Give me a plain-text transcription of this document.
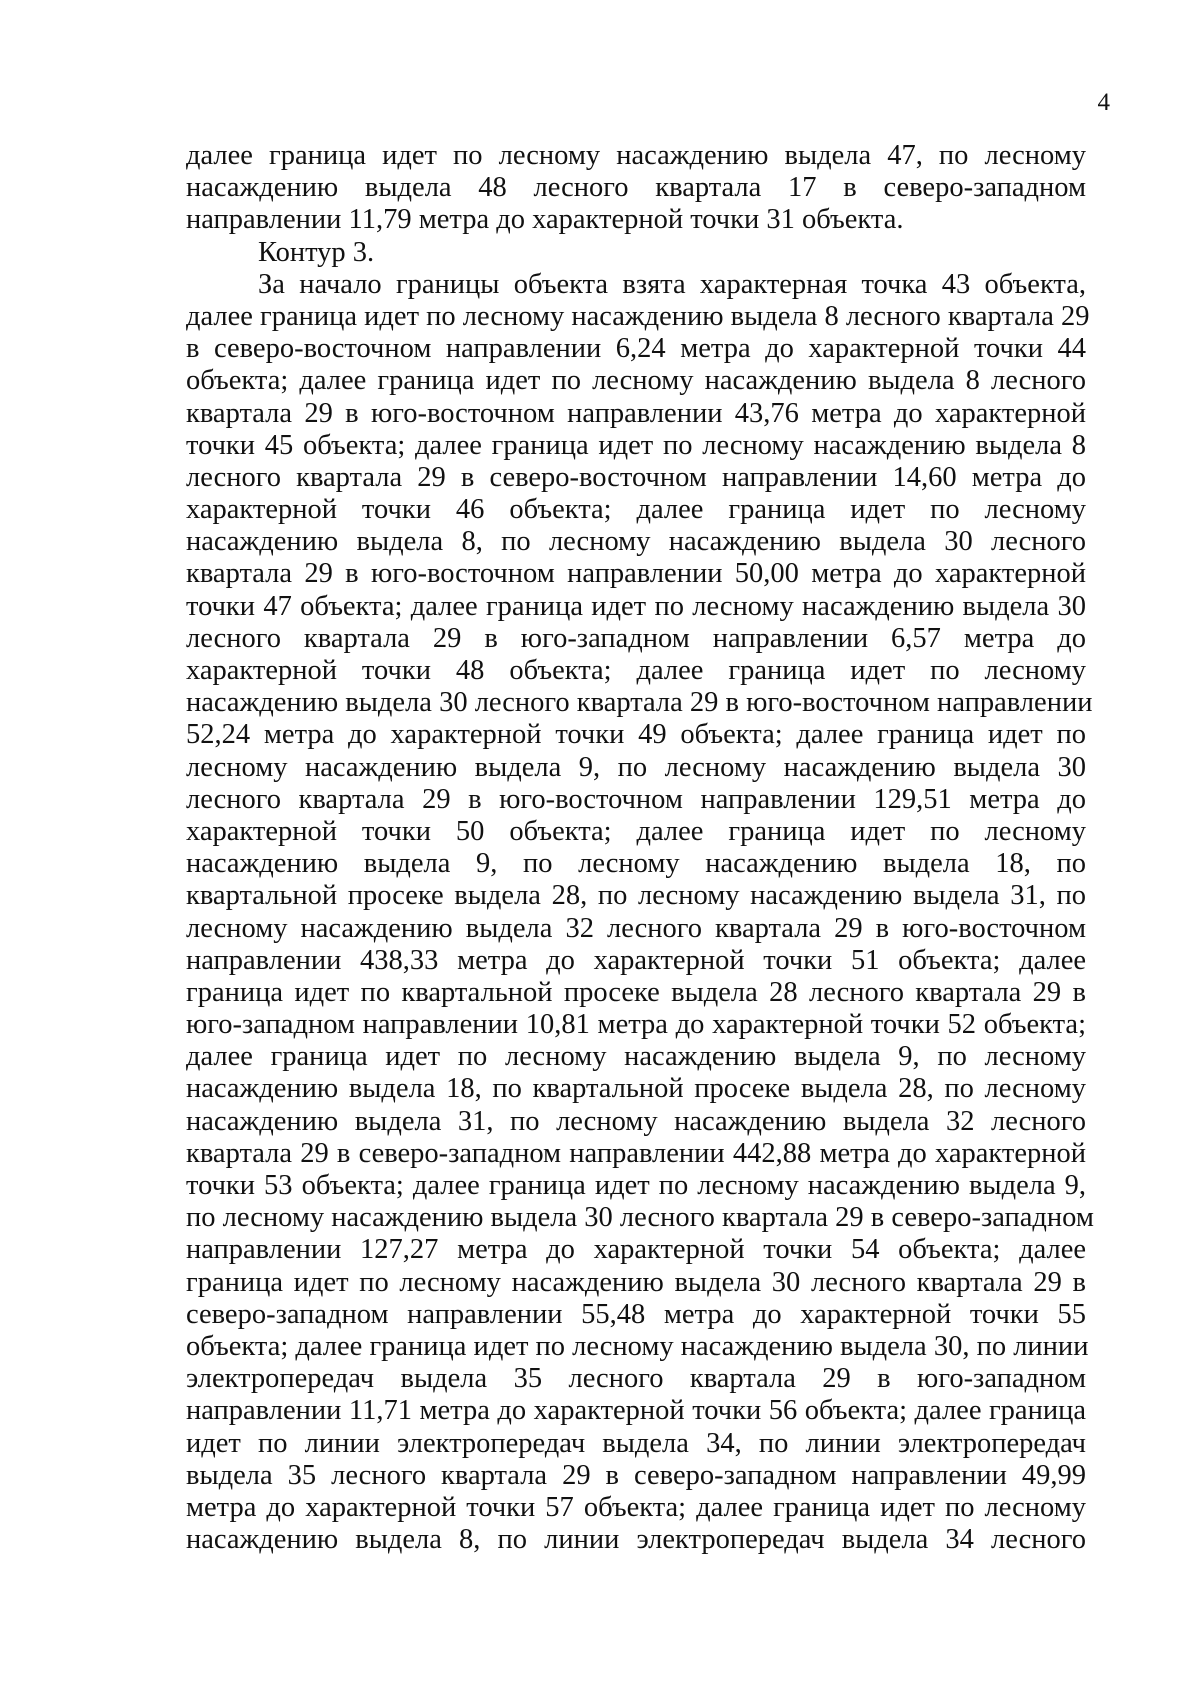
4
далее граница идет по лесному насаждению выдела 47, по лесному
насаждению выдела 48 лесного квартала 17 в северо-западном
направлении 11,79 метра до характерной точки 31 объекта.
Контур 3.
За начало границы объекта взята характерная точка 43 объекта,
далее граница идет по лесному насаждению выдела 8 лесного квартала 29
в северо-восточном направлении 6,24 метра до характерной точки 44
объекта; далее граница идет по лесному насаждению выдела 8 лесного
квартала 29 в юго-восточном направлении 43,76 метра до характерной
точки 45 объекта; далее граница идет по лесному насаждению выдела 8
лесного квартала 29 в северо-восточном направлении 14,60 метра до
характерной точки 46 объекта; далее граница идет по лесному
насаждению выдела 8, по лесному насаждению выдела 30 лесного
квартала 29 в юго-восточном направлении 50,00 метра до характерной
точки 47 объекта; далее граница идет по лесному насаждению выдела 30
лесного квартала 29 в юго-западном направлении 6,57 метра до
характерной точки 48 объекта; далее граница идет по лесному
насаждению выдела 30 лесного квартала 29 в юго-восточном направлении
52,24 метра до характерной точки 49 объекта; далее граница идет по
лесному насаждению выдела 9, по лесному насаждению выдела 30
лесного квартала 29 в юго-восточном направлении 129,51 метра до
характерной точки 50 объекта; далее граница идет по лесному
насаждению выдела 9, по лесному насаждению выдела 18, по
квартальной просеке выдела 28, по лесному насаждению выдела 31, по
лесному насаждению выдела 32 лесного квартала 29 в юго-восточном
направлении 438,33 метра до характерной точки 51 объекта; далее
граница идет по квартальной просеке выдела 28 лесного квартала 29 в
юго-западном направлении 10,81 метра до характерной точки 52 объекта;
далее граница идет по лесному насаждению выдела 9, по лесному
насаждению выдела 18, по квартальной просеке выдела 28, по лесному
насаждению выдела 31, по лесному насаждению выдела 32 лесного
квартала 29 в северо-западном направлении 442,88 метра до характерной
точки 53 объекта; далее граница идет по лесному насаждению выдела 9,
по лесному насаждению выдела 30 лесного квартала 29 в северо-западном
направлении 127,27 метра до характерной точки 54 объекта; далее
граница идет по лесному насаждению выдела 30 лесного квартала 29 в
северо-западном направлении 55,48 метра до характерной точки 55
объекта; далее граница идет по лесному насаждению выдела 30, по линии
электропередач выдела 35 лесного квартала 29 в юго-западном
направлении 11,71 метра до характерной точки 56 объекта; далее граница
идет по линии электропередач выдела 34, по линии электропередач
выдела 35 лесного квартала 29 в северо-западном направлении 49,99
метра до характерной точки 57 объекта; далее граница идет по лесному
насаждению выдела 8, по линии электропередач выдела 34 лесного
